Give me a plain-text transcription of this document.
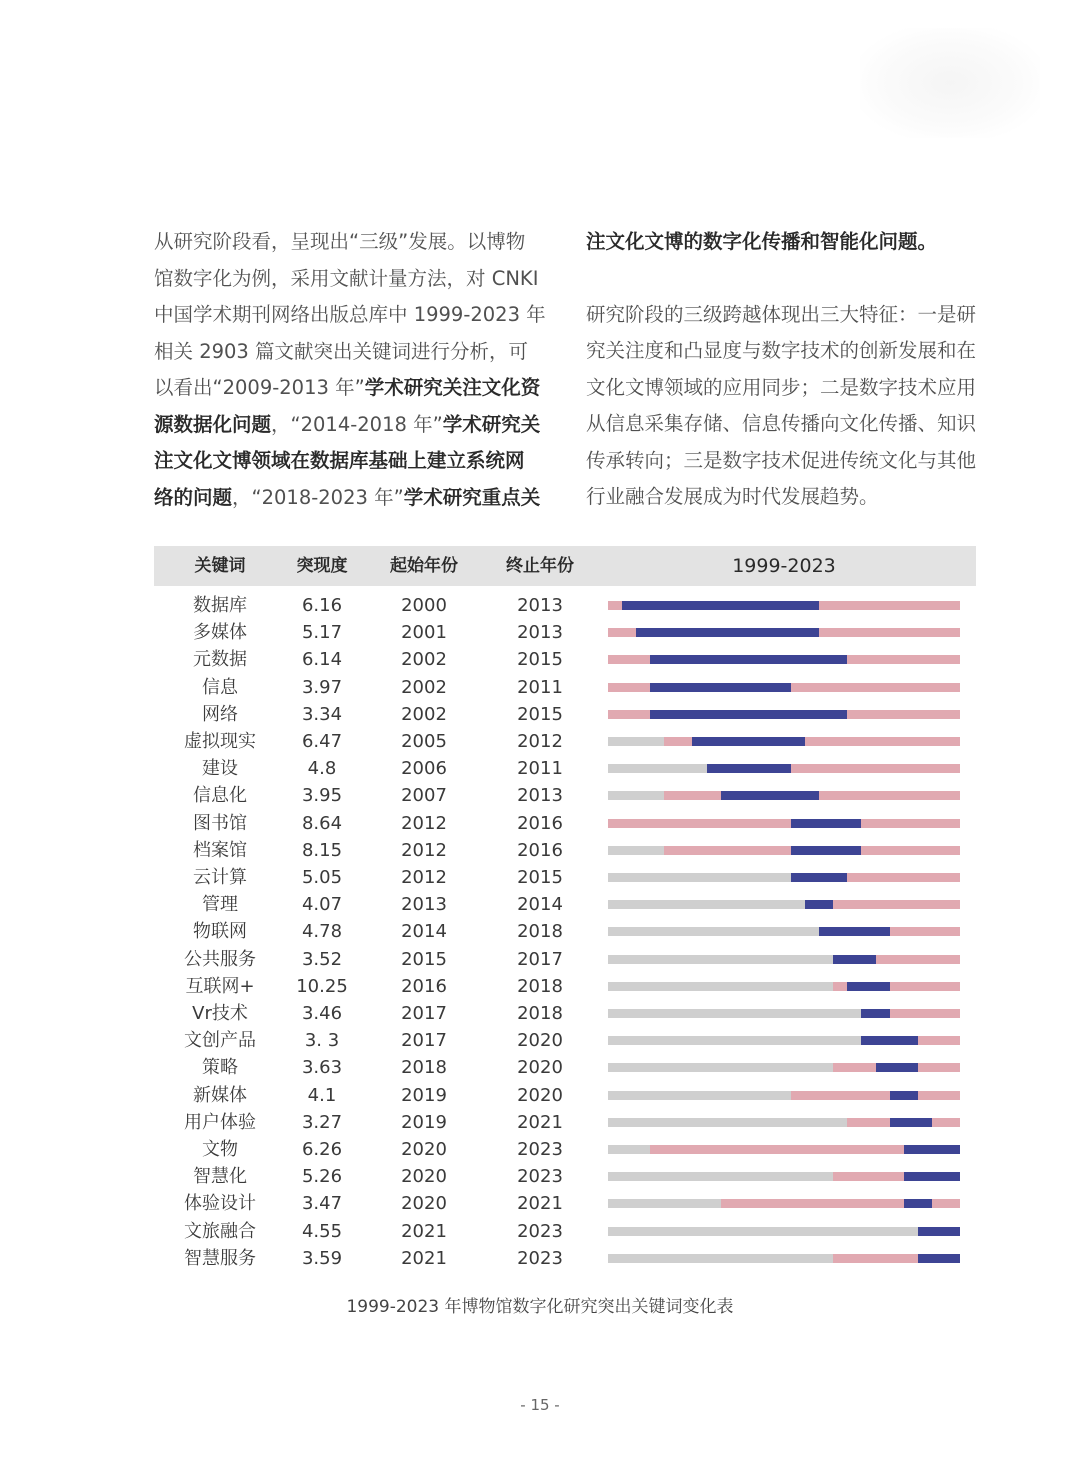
从研究阶段看，呈现出“三级”发展。以博物

馆数字化为例，采用文献计量方法，对 CNKI

中国学术期刊网络出版总库中 1999-2023 年

相关 2903 篇文献突出关键词进行分析，可

以看出“2009-2013 年”学术研究关注文化资

源数据化问题，“2014-2018 年”学术研究关

注文化文博领域在数据库基础上建立系统网

络的问题，“2018-2023 年”学术研究重点关

注文化文博的数字化传播和智能化问题。

研究阶段的三级跨越体现出三大特征：一是研究关注度和凸显度与数字技术的创新发展和在文化文博领域的应用同步；二是数字技术应用从信息采集存储、信息传播向文化传播、知识传承转向；三是数字技术促进传统文化与其他行业融合发展成为时代发展趋势。

关键词	突现度	起始年份	终止年份	1999-2023
数据库	6.16	2000	2013
多媒体	5.17	2001	2013
元数据	6.14	2002	2015
信息	3.97	2002	2011
网络	3.34	2002	2015
虚拟现实	6.47	2005	2012
建设	4.8	2006	2011
信息化	3.95	2007	2013
图书馆	8.64	2012	2016
档案馆	8.15	2012	2016
云计算	5.05	2012	2015
管理	4.07	2013	2014
物联网	4.78	2014	2018
公共服务	3.52	2015	2017
互联网+	10.25	2016	2018
Vr技术	3.46	2017	2018
文创产品	3. 3	2017	2020
策略	3.63	2018	2020
新媒体	4.1	2019	2020
用户体验	3.27	2019	2021
文物	6.26	2020	2023
智慧化	5.26	2020	2023
体验设计	3.47	2020	2021
文旅融合	4.55	2021	2023
智慧服务	3.59	2021	2023
1999-2023 年博物馆数字化研究突出关键词变化表
- 15 -
